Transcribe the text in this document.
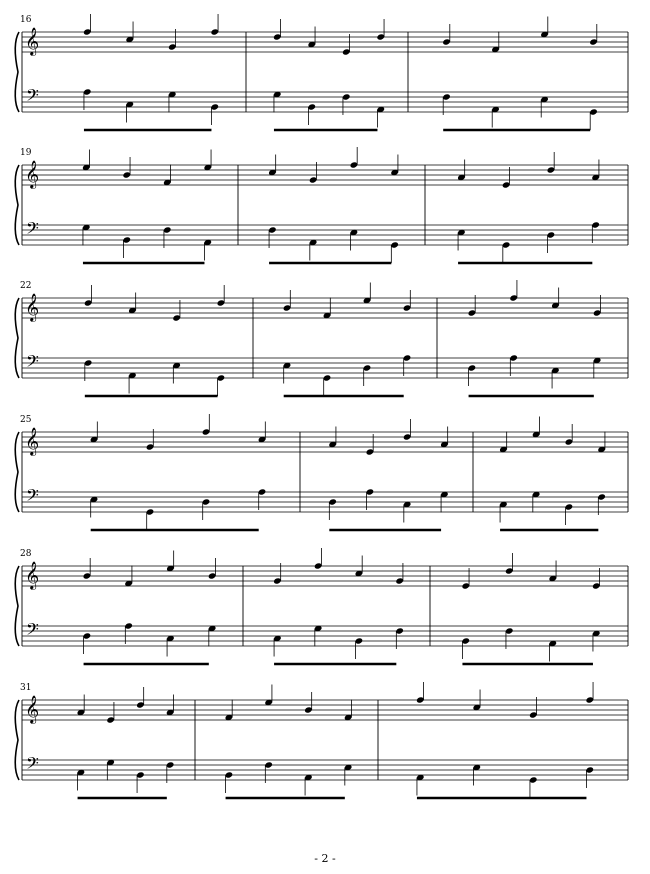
𝄞
𝄢
16
𝄞
𝄢
19
𝄞
𝄢
22
𝄞
𝄢
25
𝄞
𝄢
28
𝄞
𝄢
31
- 2 -
